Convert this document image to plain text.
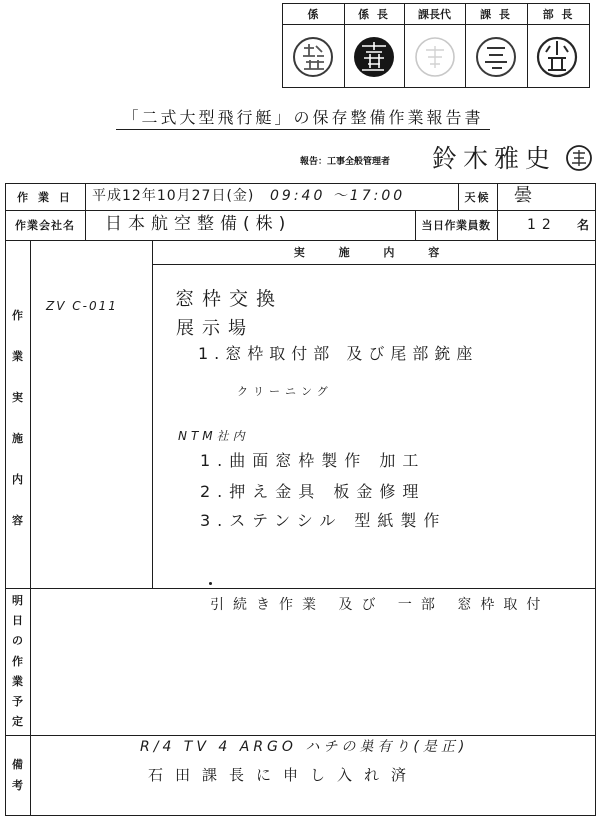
係	係 長	課長代	課 長	部 長
「二式大型飛行艇」の保存整備作業報告書
報告：工事全般管理者 鈴木雅史
作 業 日 平成12年10月27日(金) 09:40 ～17:00	天候 曇
作業会社名 日本航空整備(株)	当日作業員数	12 名
作
業
実
施
内
容
実 施 内 容
ZV C-011	窓枠交換
展示場
1.窓枠取付部 及び尾部銃座
クリーニング
NTM社内
1.曲面窓枠製作 加工
2.押え金具 板金修理
3.ステンシル 型紙製作
明
日
の
作
業
予
定
引続き作業 及び 一部 窓枠取付
備
考
R/4 TV 4 ARGO ハチの巣有り(是正)
石田課長に申し入れ済
